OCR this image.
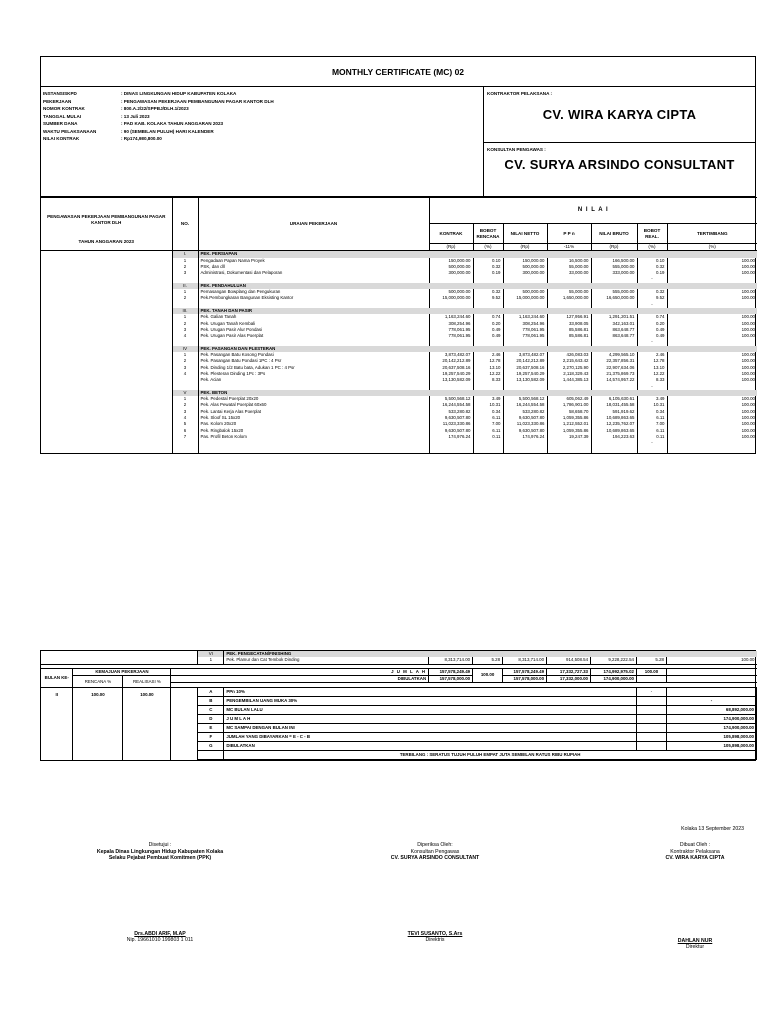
MONTHLY CERTIFICATE (MC) 02
INSTANSISKPD	: DINAS LINGKUNGAN HIDUP KABUPATEN KOLAKA
PEKERJAAN	: PENGAWASAN PEKERJAAN PEMBANGUNAN PAGAR KANTOR DLH
NOMOR KONTRAK	: 800.A.2/22/SPPBJ/DLH.1/2023
TANGGAL MULAI	: 13 Juli 2023
SUMBER DANA	: PAD KAB. KOLAKA TAHUN ANGGARAN 2023
WAKTU PELAKSANAAN	: 90 (SEMBILAN PULUH) HARI KALENDER
NILAI KONTRAK	: Rp174,980,800.00
KONTRAKTOR PELAKSANA :
CV. WIRA KARYA CIPTA
KONSULTAN PENGAWAS :
CV. SURYA ARSINDO CONSULTANT
PENGAWASAN PEKERJAAN PEMBANGUNAN PAGAR KANTOR DLH
TAHUN ANGGARAN 2023	NO.	URAIAN PEKERJAAN	N I L A I						
			KONTRAK	BOBOT RENCANA	NILAI NETTO	P P n	NILAI BRUTO	BOBOT REAL.	TERTIMBANG
			(Rp)	(%)	(Rp)	-11%	(Rp)	(%)	(%)
	I.	PEK. PERSIAPAN							
	1	Pengadaan Papan Nama Proyek	150,000.00	0.10	150,000.00	16,500.00	166,500.00	0.10	100.00
	2	PSK, dan dll	500,000.00	0.32	500,000.00	55,000.00	555,000.00	0.32	100.00
	3	Administrasi, Dokumentasi dan Pelaporan	300,000.00	0.19	300,000.00	33,000.00	333,000.00	0.19	100.00
								-	
	II.	PEK. PENDAHULUAN							
	1	Pemasangan Bowplang dan Pengukuran	500,000.00	0.32	500,000.00	55,000.00	555,000.00	0.32	100.00
	2	Pek.Pembongkaran Bangunan Eksisting Kantor	15,000,000.00	9.52	15,000,000.00	1,650,000.00	16,650,000.00	9.52	100.00
								-	
	III.	PEK. TANAH DAN PASIR							
	1	Pek. Galian Tanah	1,163,244.60	0.74	1,163,244.60	127,956.91	1,291,201.51	0.74	100.00
	2	Pek. Urugan Tanah Kembali	308,254.96	0.20	308,254.96	33,908.05	342,163.01	0.20	100.00
	3	Pek. Urugan Pasir Alur Pondasi	778,061.95	0.49	778,061.95	85,586.81	863,648.77	0.49	100.00
	4	Pek. Urugan Pasir Alas Poerplat	778,061.95	0.49	778,061.95	85,586.81	863,648.77	0.49	100.00
								-	
	IV	PEK. PASANGAN DAN PLESTERAN							
	1	Pek. Pasangan Batu Kosong Pondasi	3,873,482.07	2.46	3,873,482.07	426,083.03	4,299,565.10	2.46	100.00
	2	Pek. Pasangan Batu Pondasi 1PC : 4 Psr	20,142,212.89	12.78	20,142,212.89	2,215,643.42	22,357,856.31	12.78	100.00
	3	Pek. Dinding 1/2 Batu bata, Adukan 1 PC : 4 Psr	20,637,508.16	13.10	20,637,508.16	2,270,125.90	22,907,634.06	13.10	100.00
	4	Pek. Plesteran Dinding 1Pc : 3Ps	19,257,540.29	12.22	19,257,540.29	2,118,329.43	21,375,869.73	12.22	100.00
		Pek. Acian	13,130,582.09	8.33	13,130,582.09	1,444,385.13	14,574,957.22	8.33	100.00
								-	
	V	PEK. BETON							
	1	Pek. Pedestal Poerplat 20x20	5,500,568.12	3.49	5,500,568.12	605,062.49	6,105,630.61	3.49	100.00
	2	Pek. Alas Pewatal Poerplat 60x60	16,244,554.58	10.31	16,244,554.58	1,786,901.00	18,031,455.58	10.31	100.00
	3	Pek. Lantai Kerja Alas Poerplat	533,280.82	0.34	533,280.82	58,658.70	591,919.62	0.34	100.00
	4	Pek. Sloof SL 15x20	9,630,507.80	6.11	9,630,507.80	1,059,355.86	10,689,863.65	6.11	100.00
	5	Pas. Kolom 20x20	11,023,330.86	7.00	11,023,330.86	1,212,552.01	12,235,762.07	7.00	100.00
	6	Pek. Ringbalok 15x20	9,630,507.80	6.11	9,630,507.80	1,059,355.86	10,689,863.65	6.11	100.00
	7	Pas. Profil Beton Kolom	174,976.24	0.11	174,976.24	19,247.39	194,223.63	0.11	100.00
								-	

				VI	PEK. PENGECATAN/FINISHING							
				1	Pek. Plamur dan Cat Tembok Dinding	8,313,714.00	5.28	8,313,714.00	914,508.54	9,228,222.54	5.28	100.00

BULAN KE-	KEMAJUAN PEKERJAAN		J U M L A H			157,578,249.49	100.00	157,578,249.49	17,332,727.33	174,992,975.02	100.00	
	RENCANA %	REALISASI %	DIBULATKAN			157,578,000.00		157,578,000.00	17,332,000.00	174,900,000.00		

II	100.00	100.00		A	PPn 10%						-	
				B	PENGEMBILAN UANG MUKA 30%							-
				C	MC BULAN LALU							68,892,000.00
				D	J U M L A H							174,900,000.00
				E	MC SAMPAI DENGAN BULAN INI							174,900,000.00
				F	JUMLAH YANG DIBAYARKAN = E - C - B							105,898,000.00
				G	DIBULATKAN							105,898,000.00
					TERBILANG : SERATUS TUJUH PULUH EMPAT JUTA SEMBILAN RATUS RIBU RUPIAH							
Kolaka 13 September 2023
Disetujui :
Kepala Dinas Lingkungan Hidup Kabupaten Kolaka
Selaku Pejabat Pembuat Komitmen (PPK)
Drs.ABDI ARIF, M.AP
Nip. 19661010 199803 1 011
Diperiksa Oleh:
Konsultan Pengawas
CV. SURYA ARSINDO CONSULTANT
TEVI SUSANTO, S.Ars
Direktris
Dibuat Oleh :
Kontraktor Pelaksana
CV. WIRA KARYA CIPTA
DAHLAN NUR
Direktur
